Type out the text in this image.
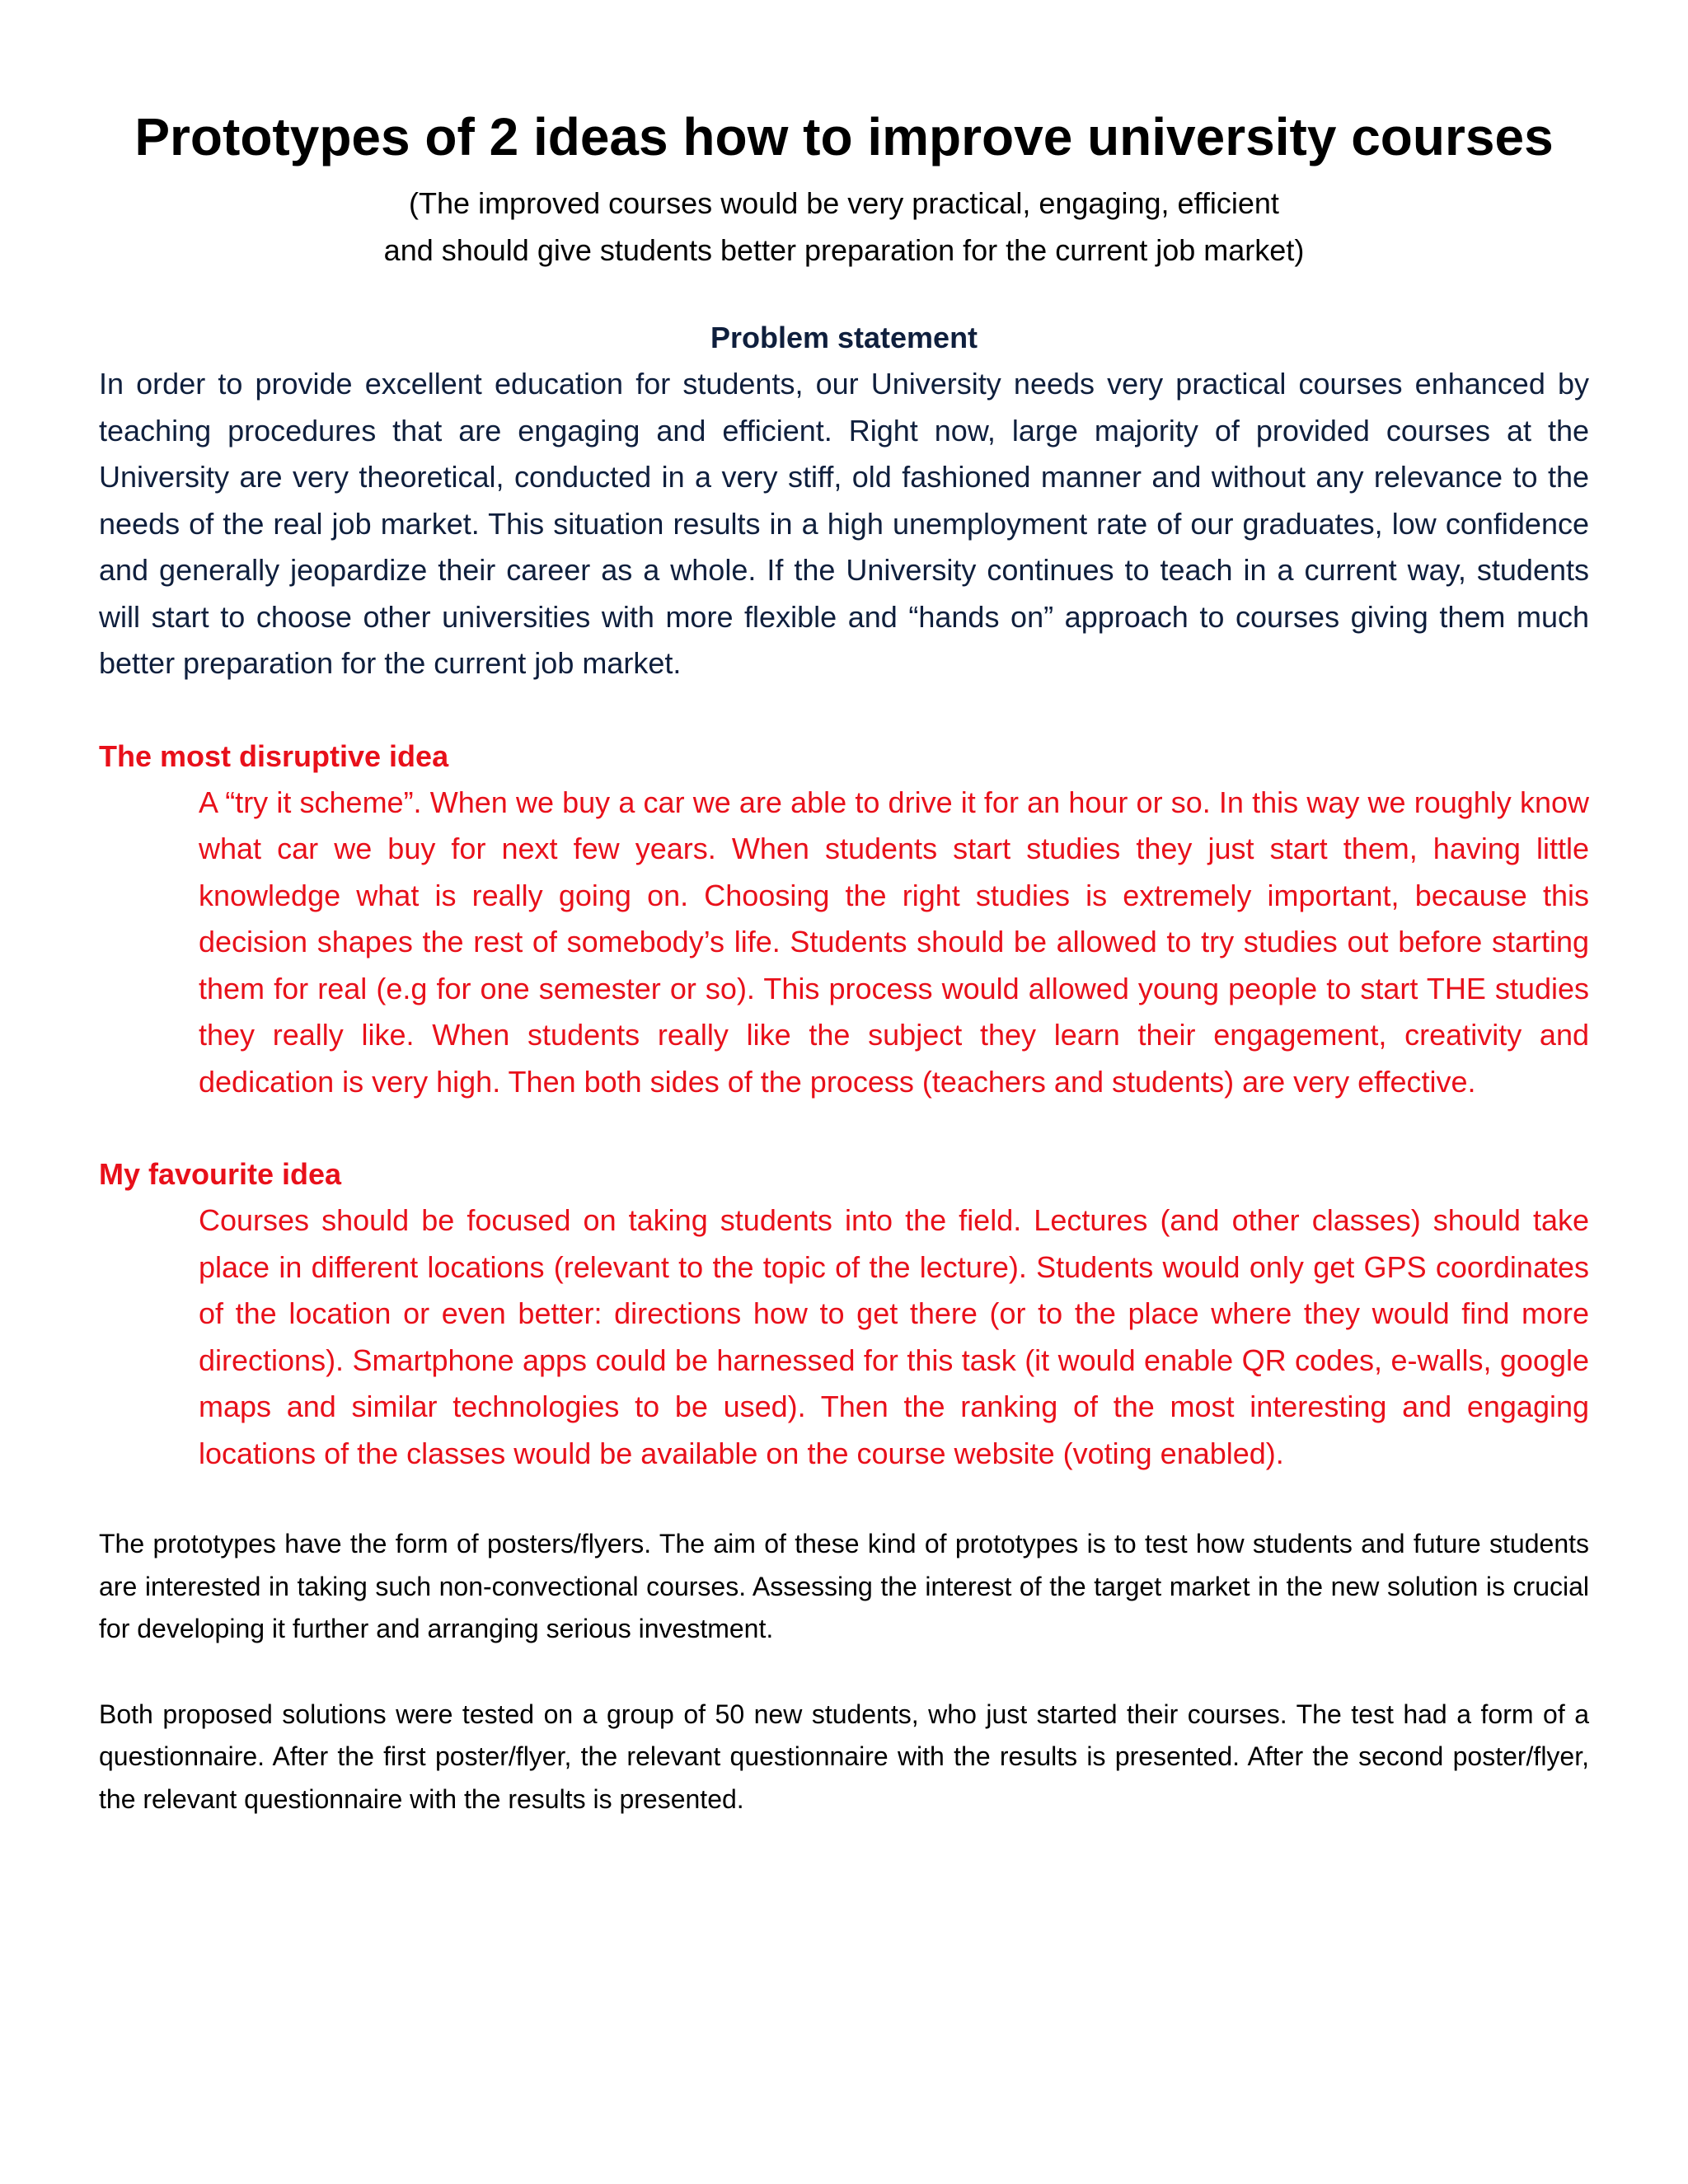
Prototypes of 2 ideas how to improve university courses
(The improved courses would be very practical, engaging, efficient
and should give students better preparation for the current job market)
Problem statement

In order to provide excellent education for students, our University needs very practical courses enhanced by teaching procedures that are engaging and efficient. Right now, large majority of provided courses at the University are very theoretical, conducted in a very stiff, old fashioned manner and without any relevance to the needs of the real job market. This situation results in a high unemployment rate of our graduates, low confidence and generally jeopardize their career as a whole. If the University continues to teach in a current way, students will start to choose other universities with more flexible and “hands on” approach to courses giving them much better preparation for the current job market.

The most disruptive idea

A “try it scheme”. When we buy a car we are able to drive it for an hour or so. In this way we roughly know what car we buy for next few years. When students start studies they just start them, having little knowledge what is really going on. Choosing the right studies is extremely important, because this decision shapes the rest of somebody’s life. Students should be allowed to try studies out before starting them for real (e.g for one semester or so). This process would allowed young people to start THE studies they really like. When students really like the subject they learn their engagement, creativity and dedication is very high. Then both sides of the process (teachers and students) are very effective.

My favourite idea

Courses should be focused on taking students into the field. Lectures (and other classes) should take place in different locations (relevant to the topic of the lecture). Students would only get GPS coordinates of the location or even better: directions how to get there (or to the place where they would find more directions). Smartphone apps could be harnessed for this task (it would enable QR codes, e-walls, google maps and similar technologies to be used). Then the ranking of the most interesting and engaging locations of the classes would be available on the course website (voting enabled).

The prototypes have the form of posters/flyers. The aim of these kind of prototypes is to test how students and future students are interested in taking such non-convectional courses. Assessing the interest of the target market in the new solution is crucial for developing it further and arranging serious investment.

Both proposed solutions were tested on a group of 50 new students, who just started their courses. The test had a form of a questionnaire. After the first poster/flyer, the relevant questionnaire with the results is presented. After the second poster/flyer, the relevant questionnaire with the results is presented.
